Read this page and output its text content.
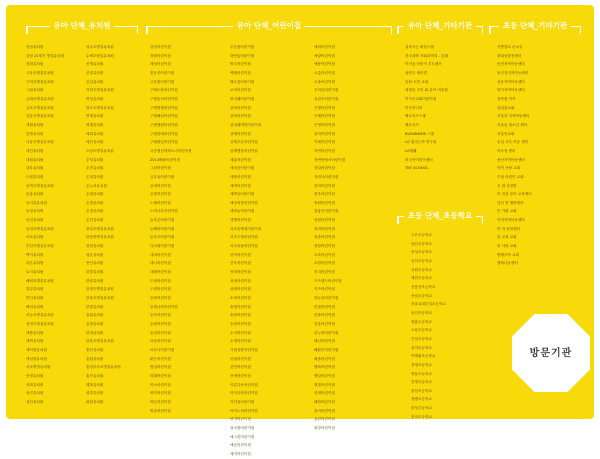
유아 단체_유치원	유아 단체_어린이집	유아 단체_기타기관	초등 단체_기타기관
초등 단체_초등학교
강남유치원
강남 21세기 병설유치원
경원유치원
고운초병설유치원
구미초병설유치원
그림유치원
금화초병설유치원
금호초병설유치원
길동초병설유치원
개원유치원
꿈별유치원
나동초병설유치원
대건유치원
대림유치원
대우유치원
도원유치원
동작초병설유치원
동홍유치원
동서울유치원
동성유치원
동인유치원
동일초병설유치원
마포유치원
부산초병설유치원
백거유치원
라온유치원
로사유치원
해원초병설유치원
밀알유치원
반디유치원
해치유치원
서농초병설유치원
삼전초병설유치원
새봄유치원
새싹유치원
새아람유치원
새일중유치원
서초병설유치원
선경유치원
선화유치원
성진유치원
성산유치원
성수초병설유치원
수택초병설유치원
신생유치원
신정유치원
신일유치원
아현초병설유치원
연성유치원
영도초병설유치원
연세유치원
영재유치원
예희유치원
예진유치원
오남초병설유치원
우성유치원
우진유치원
온정유치원
온누리유치원
온네유치원
온생유치원
온정유치원
온민유치원
중일초병설유치원
한남중병설유치원
칭찬유치원
청운유치원
용인유치원
한빛유치원
한양유치원
한영초병설유치원
한솔초병설유치원
한빛유치원
효원유치원
효영유치원
한마유치원
한울초병설유치원
충신유치원
흥원유치원
홍성부속초병설유치원
홍산유치원
행복유치원
희망유치원
희원유치원
강일어린이집
경원어린이집
계성어린이집
꽃동산어린이집
고운빛어린이집
구립도담어린이집
구립동서어린이집
구립별빛어린이집
구립해님어린이집
구립엘림어린이집
구립장애어린이집
구립풀잎어린이집
국공립현대파트너어린이집
2013해솔어린이집
그린어린이집
금호숲어린이집
꿈비어린이집
꿈빛어린이집
노벨어린이집
노아나무어린이집
늘푸른어린이집
늘해랑어린이집
늘푸르어린이집
다나영어린이집
대치어린이집
데니어린이집
대림어린이집
도담어린이집
도원어린이집
동화어린이집
동화나라어린이집
동부어린이집
동원어린이집
동일어린이집
마들어린이집
마로니어린이집
맑은어린이집
명일어린이집
미래어린이집
미소어린이집
바다어린이집
바른어린이집
밤골어린이집
푸른봄어린이집
하얀숲어린이집
방주어린이집
백합어린이집
벨르롱어린이집
보리어린이집
봄나래어린이집
삼성어린이집
삼성어린이집
삼성래미안어린이집
상계어린이집
상계푸른어린이집
삼계햇살어린이집
새롬어린이집
새마음어린이집
새봄어린이집
새싹어린이집
새싹들어린이집
세상의빛어린이집
새하늘어린이집
샛별어린이집
서소문병설어린이집
서초구청어린이집
서초마을어린이집
선아어린이집
선우어린이집
성미어린이집
성내어린이집
성원어린이집
소망어린이집
솔빛어린이집
솔향어린이집
송파어린이집
수지어린이집
수정어린이집
시립상봉어린이집
신림어린이집
신안어린이집
신애어린이집
아름다운어린이집
아이나라어린이집
아이꿈어린이집
아이누리어린이집
양지어린이집
엄마품어린이집
예그린어린이집
예준어린이집
예지어린이집
예하어린이집
예향어린이집
예봉어린이집
오름어린이집
오솔어린이집
우리들어린이집
유한소어린이집
은빛어린이집
은혜어린이집
은영어린이집
을지어린이집
이레어린이집
자연어린이집
자연안에서어린이집
잠실어린이집
자라나어린이집
장미어린이집
정우어린이집
중원어린이집
참좋은어린이집
창원어린이집
청라어린이집
청솔어린이집
청담어린이집
초록어린이집
초원어린이집
킨더어린이집
키즈랜드어린이집
키즈어린이집
하늘꿈어린이집
한빛어린이집
한솔어린이집
한울어린이집
한누리어린이집
해님어린이집
해맑은어린이집
해솔어린이집
행복어린이집
햇살어린이집
햇빛어린이집
현대어린이집
혜화어린이집
홍익어린이집
효린어린이집
희망어린이집
일하시는 퍼틸스톨
건국대학 사회과학대 - 롯데
아기숲 어린이 부트캠프
남양주 세터빌
동탄 소망 교회
대청동 주민 회 유아 미술원
이키즈교회어린이집
이든미디어
헬로키즈스쿨
헬로키즈
BUSANKIDS 스쿨
LG 빛나는아 연구원
LG생활
외국인어린이센터
TNT SCHOOL
기쁨향교 문교실
광희동발전센터
동진지역아동센터
동인천지역아동센터
성동지역아동센터
양가지역아동센터
상목원 가족
상업관교회
서울과 지역아동센터
서울숲 청소년 센터
서울목교회
숭실 서부 아동 센터
아우성 센터
용산지역아동센터
아이 사랑 교회
우정 어린이 교회
우 참 실천방
아 건강 유아 교육센터
앞선 연 협력센터
은 가림 교회
인하지역아동센터
여 자 돌봄센터
한 교복 교회
한 사랑 교회
할렐루야 교회
행복나눔센터
고은초등학교
남산초등학교
동성초등학교
동인초등학교
서원초등학교
세현초등학교
신용산초등학교
선남초등학교
서울교대부설초등학교
숭인초등학교
영훈초등학교
오류초등학교
은천초등학교
을지초등학교
이태원초등학교
장평초등학교
중동초등학교
진명초등학교
창천초등학교
청량초등학교
한성초등학교
홍익초등학교
방문기관
